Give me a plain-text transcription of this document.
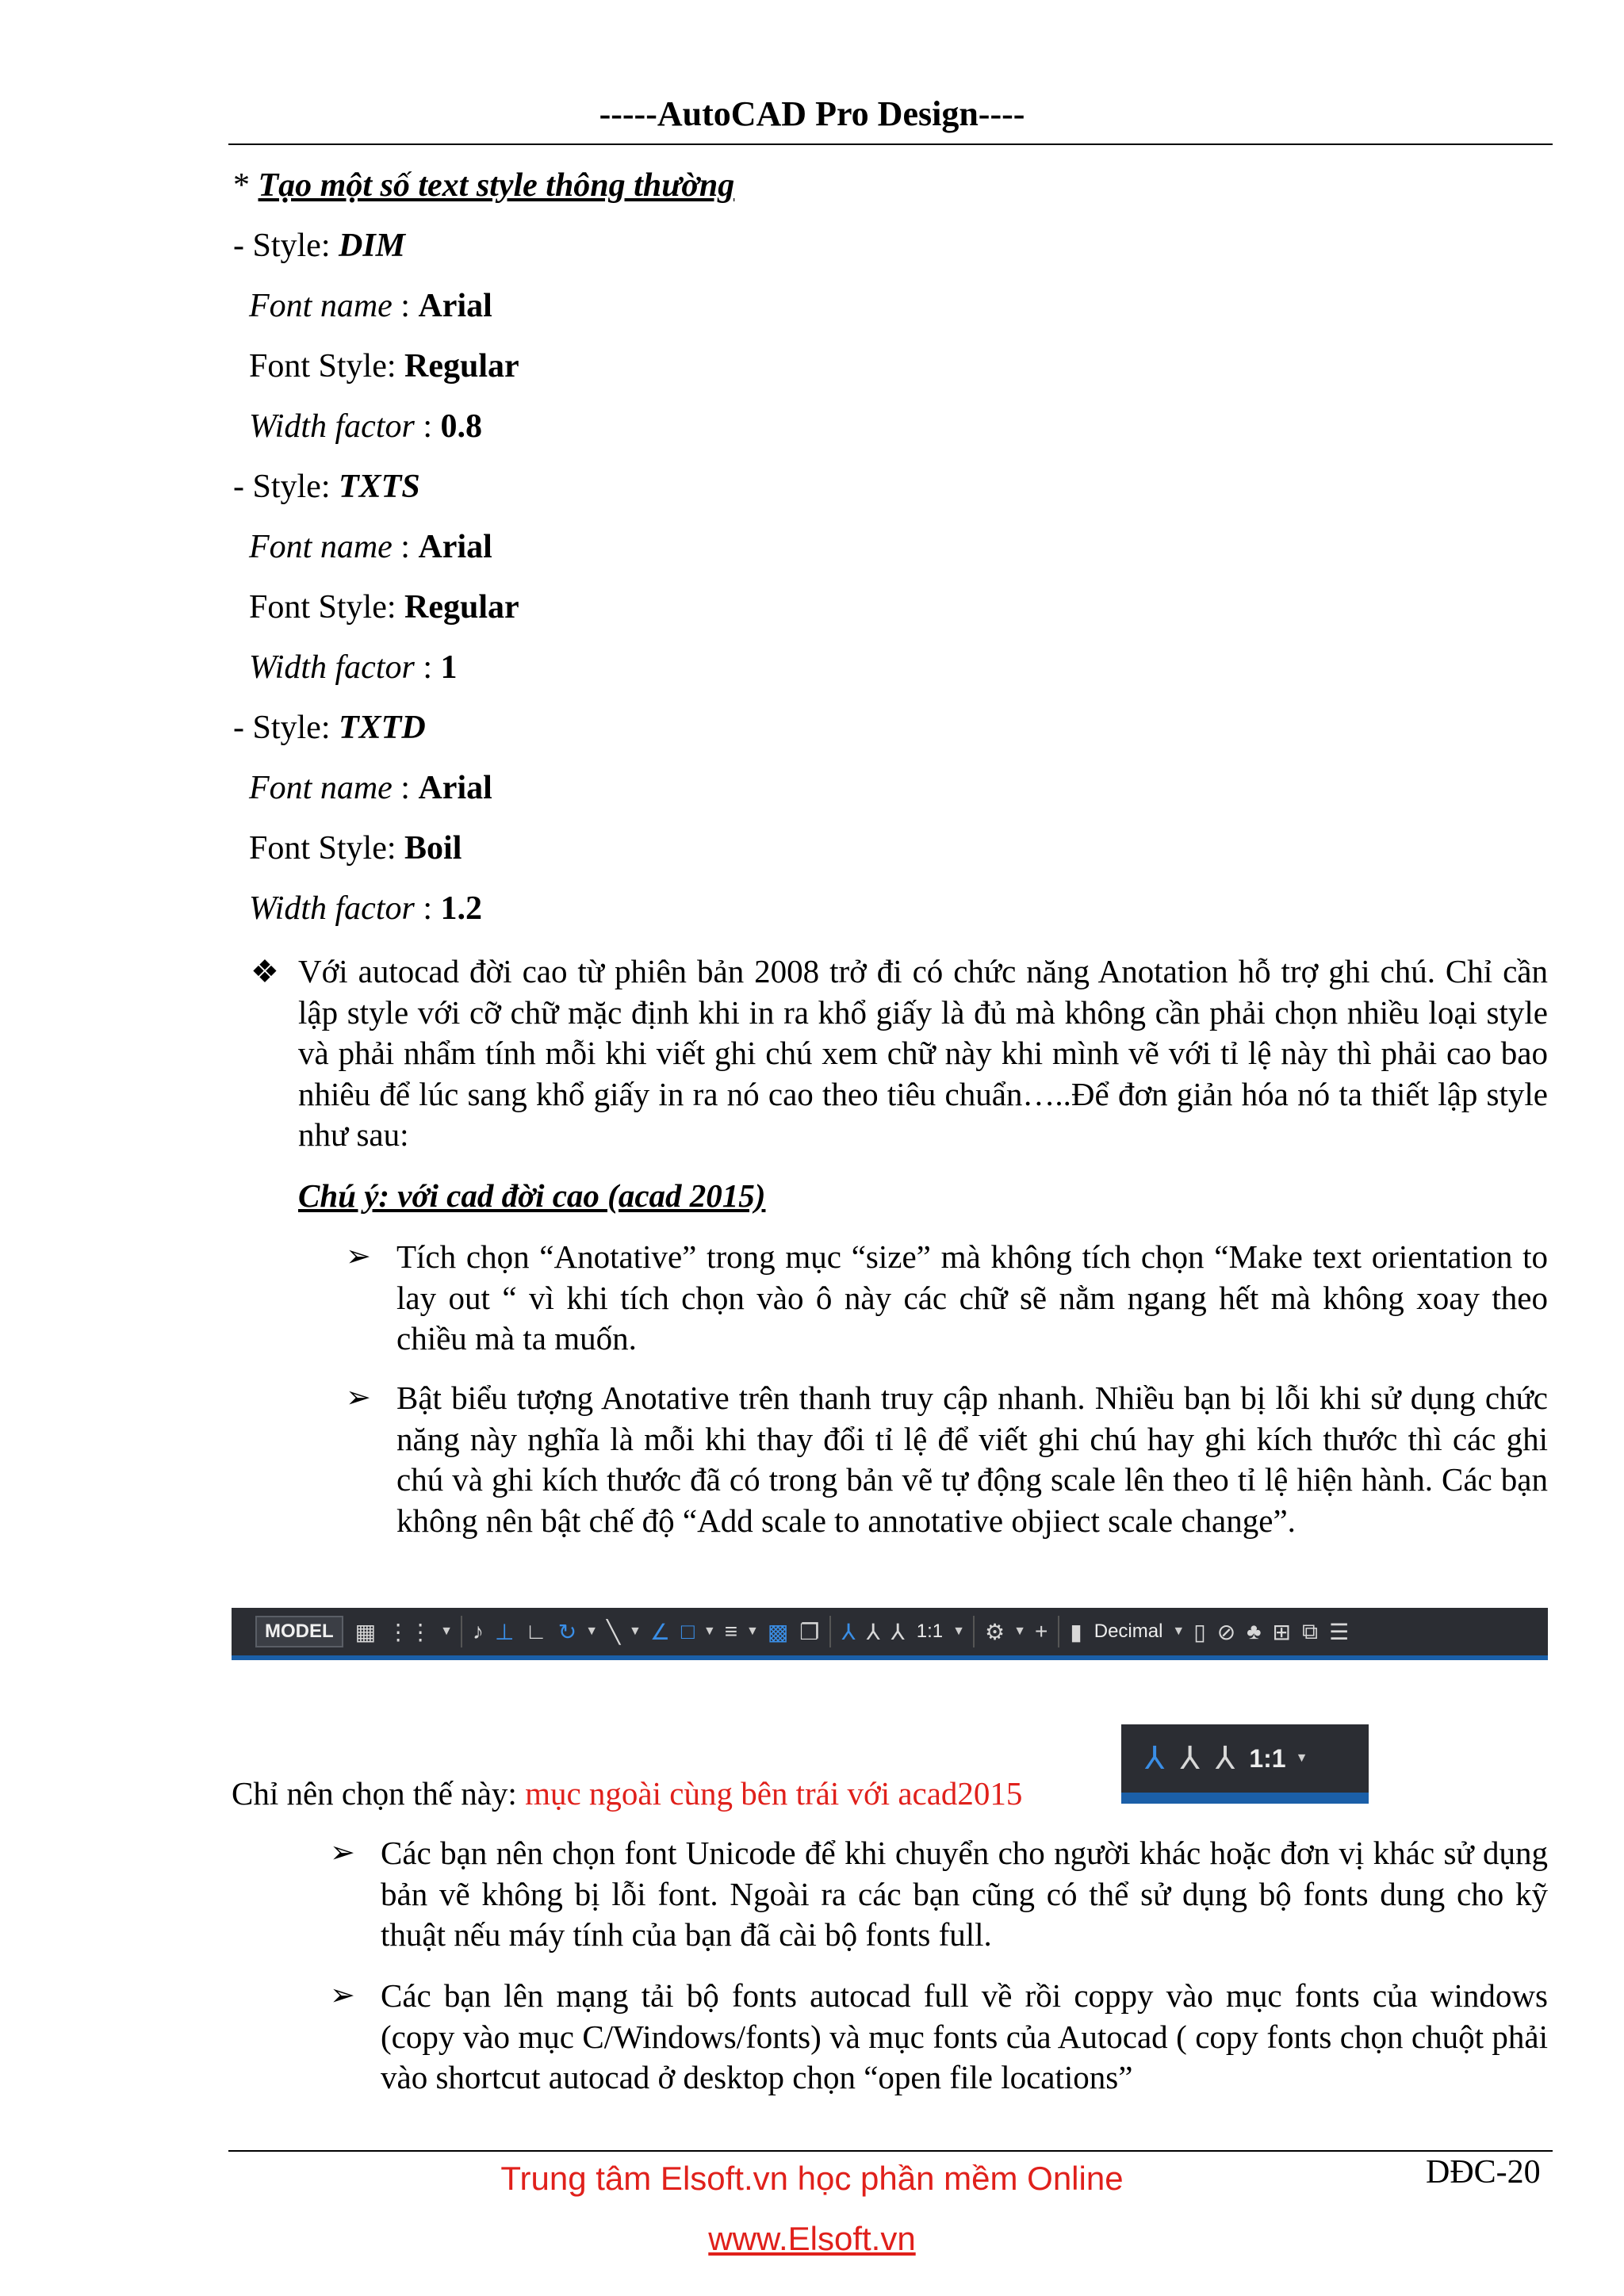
-----AutoCAD Pro Design----
* Tạo một số text style thông thường
- Style: DIM
Font name : Arial
Font Style: Regular
Width factor : 0.8
- Style: TXTS
Font name : Arial
Font Style: Regular
Width factor : 1
- Style: TXTD
Font name : Arial
Font Style: Boil
Width factor : 1.2
❖ Với autocad đời cao từ phiên bản 2008 trở đi có chức năng Anotation hỗ trợ ghi chú. Chỉ cần lập style với cỡ chữ mặc định khi in ra khổ giấy là đủ mà không cần phải chọn nhiều loại style và phải nhẩm tính mỗi khi viết ghi chú xem chữ này khi mình vẽ với tỉ lệ này thì phải cao bao nhiêu để lúc sang khổ giấy in ra nó cao theo tiêu chuẩn…..Để đơn giản hóa nó ta thiết lập style như sau:
Chú ý: với cad đời cao (acad 2015)
➢ Tích chọn “Anotative” trong mục “size” mà không tích chọn “Make text orientation to lay out “ vì khi tích chọn vào ô này các chữ sẽ nằm ngang hết mà không xoay theo chiều mà ta muốn.
➢ Bật biểu tượng Anotative trên thanh truy cập nhanh. Nhiều bạn bị lỗi khi sử dụng chức năng này nghĩa là mỗi khi thay đổi tỉ lệ để viết ghi chú hay ghi kích thước thì các ghi chú và ghi kích thước đã có trong bản vẽ tự động scale lên theo tỉ lệ hiện hành. Các bạn không nên bật chế độ “Add scale to annotative objiect scale change”.
MODEL ▦ ⋮⋮ ▼ ♪ ⊥ ∟ ↻ ▼ ╲ ▼ ∠ □ ▼ ≡ ▼ ▩ ❐ ⅄ ⅄ ⅄ 1:1 ▼ ⚙ ▼ + ▮ Decimal ▼ ▯ ⊘ ♣ ⊞ ⧉ ☰
Chỉ nên chọn thế này: mục ngoài cùng bên trái với acad2015
⅄ ⅄ ⅄ 1:1 ▼
➢ Các bạn nên chọn font Unicode để khi chuyển cho người khác hoặc đơn vị khác sử dụng bản vẽ không bị lỗi font. Ngoài ra các bạn cũng có thể sử dụng bộ fonts dung cho kỹ thuật nếu máy tính của bạn đã cài bộ fonts full.
➢ Các bạn lên mạng tải bộ fonts autocad full về rồi coppy vào mục fonts của windows (copy vào mục C/Windows/fonts) và mục fonts của Autocad ( copy fonts chọn chuột phải vào shortcut autocad ở desktop chọn “open file locations”
Trung tâm Elsoft.vn học phần mềm Online	DĐC-20
www.Elsoft.vn
